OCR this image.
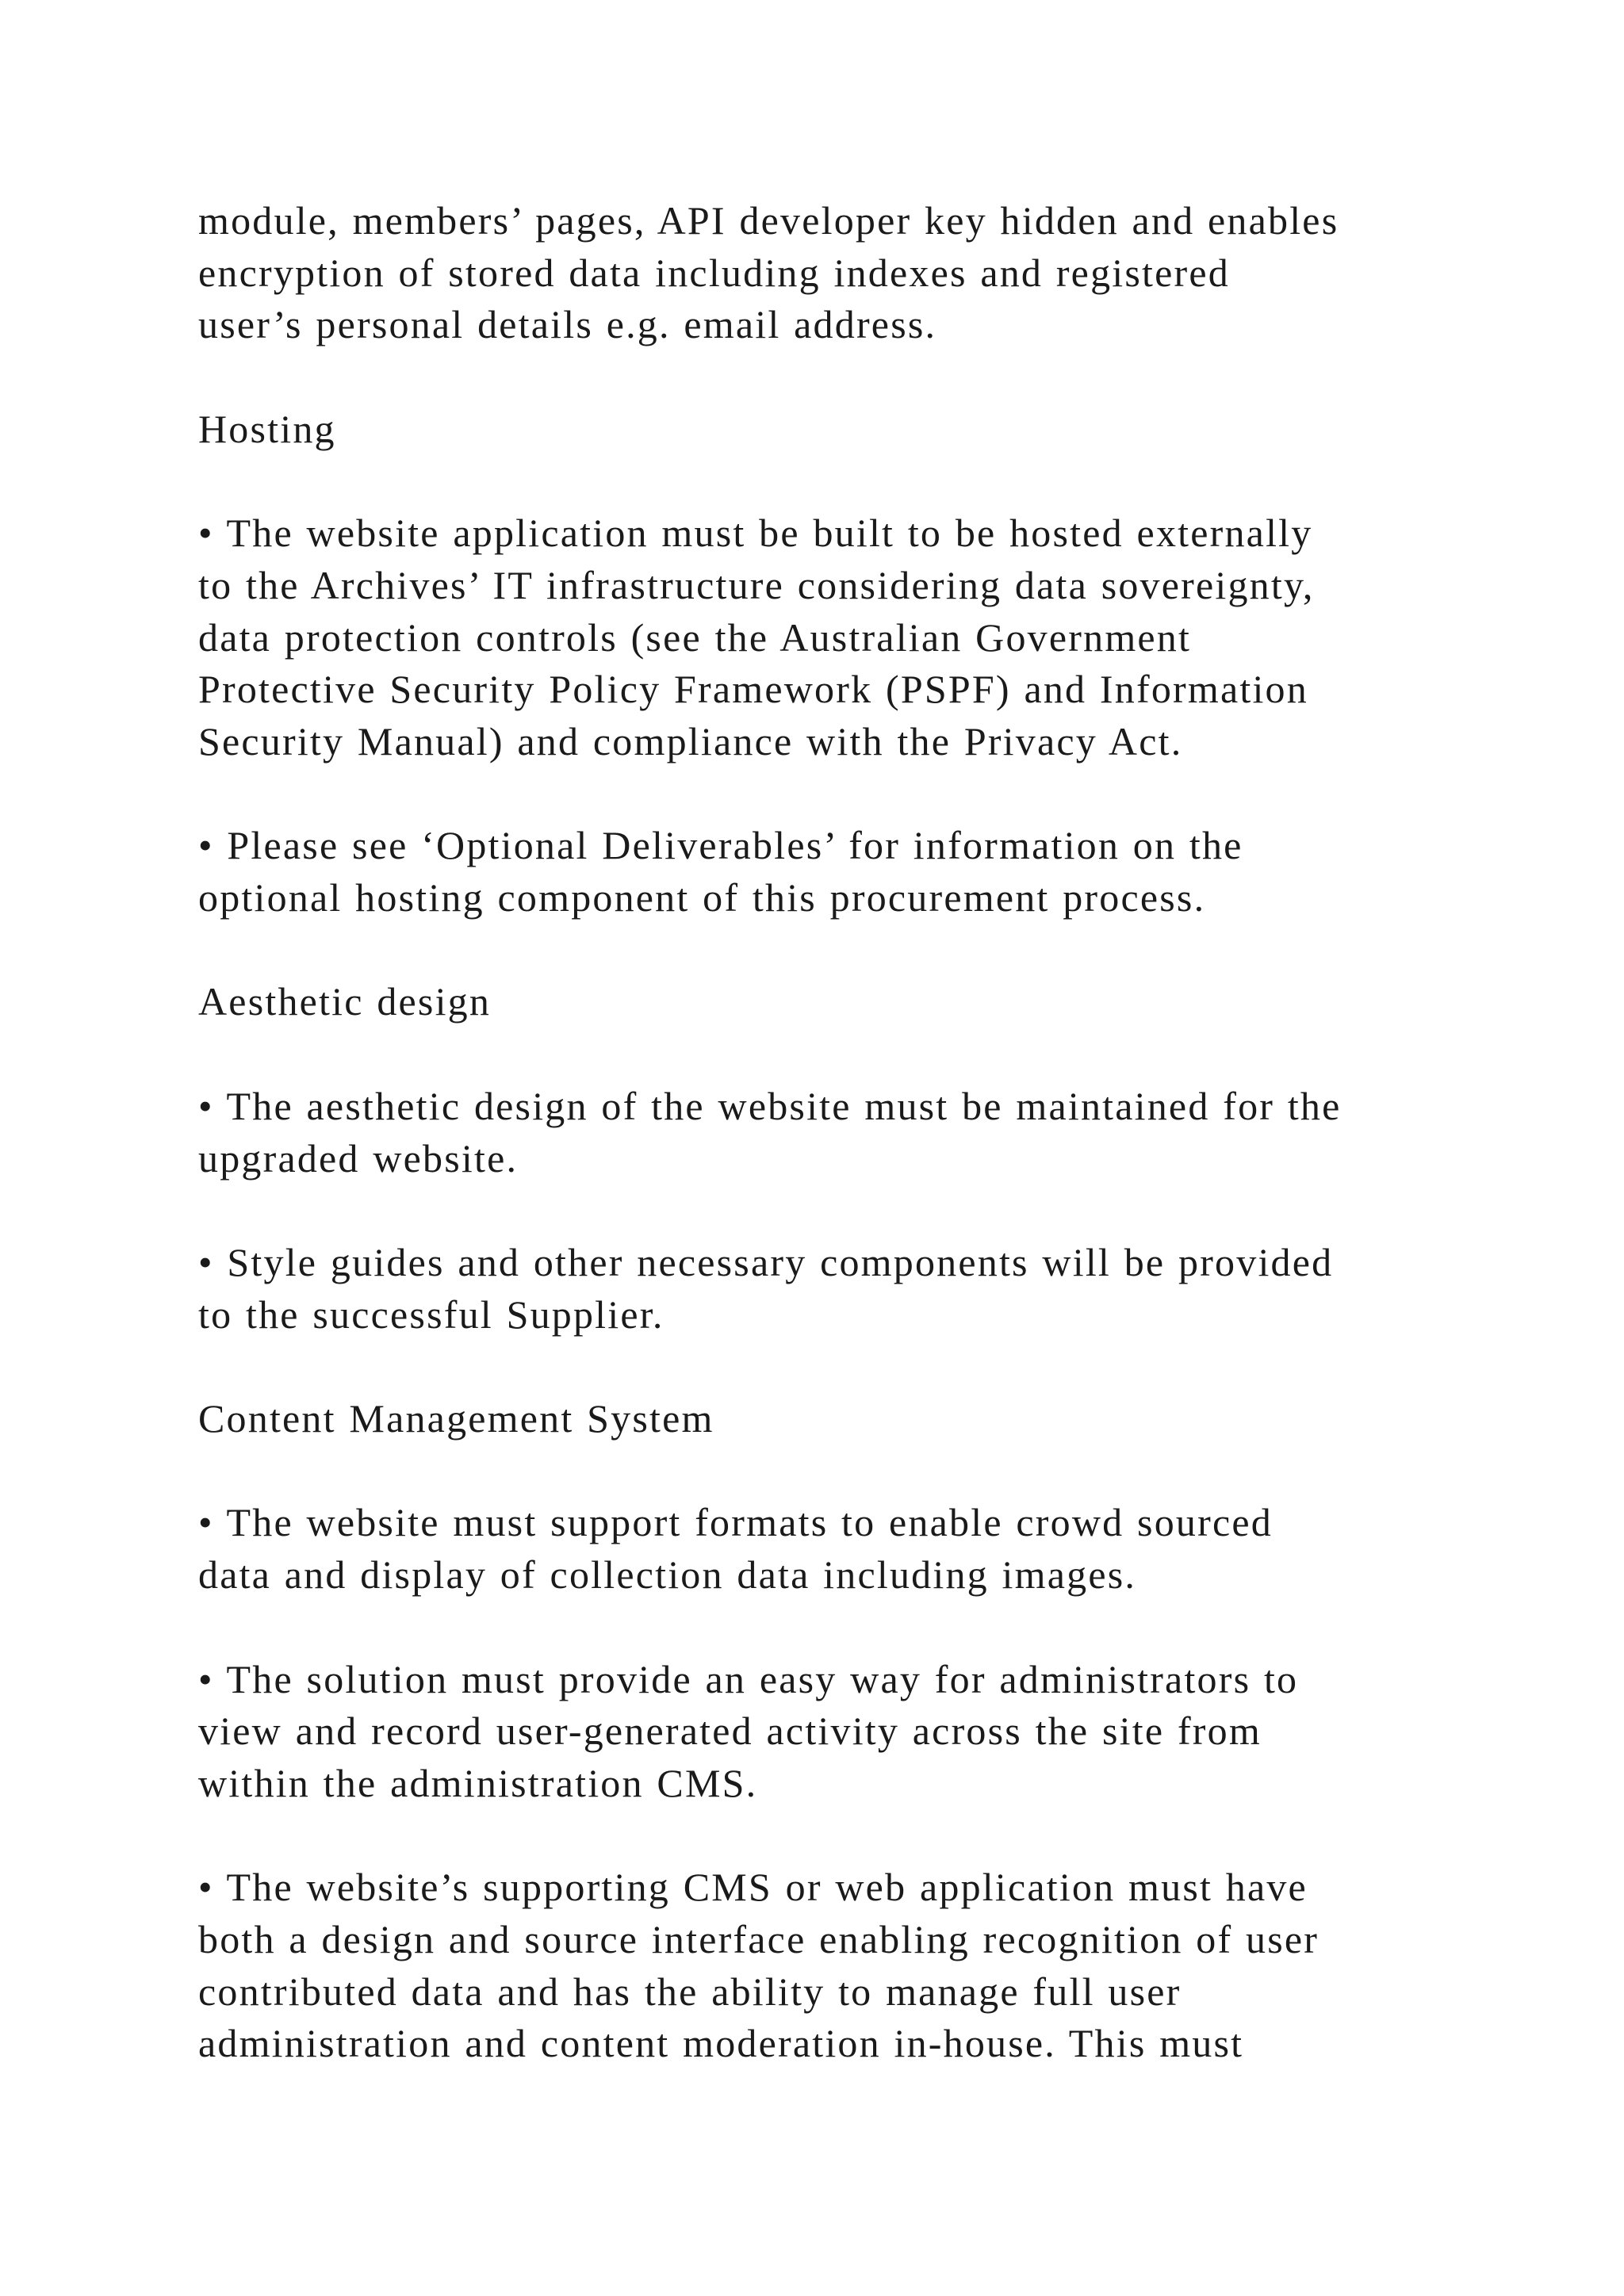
module, members’ pages, API developer key hidden and enables
encryption of stored data including indexes and registered
user’s personal details e.g. email address.

Hosting

• The website application must be built to be hosted externally
to the Archives’ IT infrastructure considering data sovereignty,
data protection controls (see the Australian Government
Protective Security Policy Framework (PSPF) and Information
Security Manual) and compliance with the Privacy Act.

• Please see ‘Optional Deliverables’ for information on the
optional hosting component of this procurement process.

Aesthetic design

• The aesthetic design of the website must be maintained for the
upgraded website.

• Style guides and other necessary components will be provided
to the successful Supplier.

Content Management System

• The website must support formats to enable crowd sourced
data and display of collection data including images.

• The solution must provide an easy way for administrators to
view and record user-generated activity across the site from
within the administration CMS.

• The website’s supporting CMS or web application must have
both a design and source interface enabling recognition of user
contributed data and has the ability to manage full user
administration and content moderation in-house. This must
